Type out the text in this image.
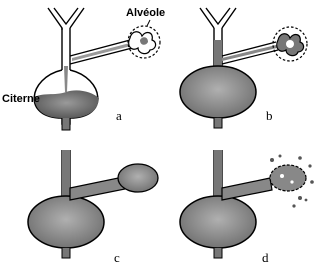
Alvéole
Citerne
a	b
c	d
